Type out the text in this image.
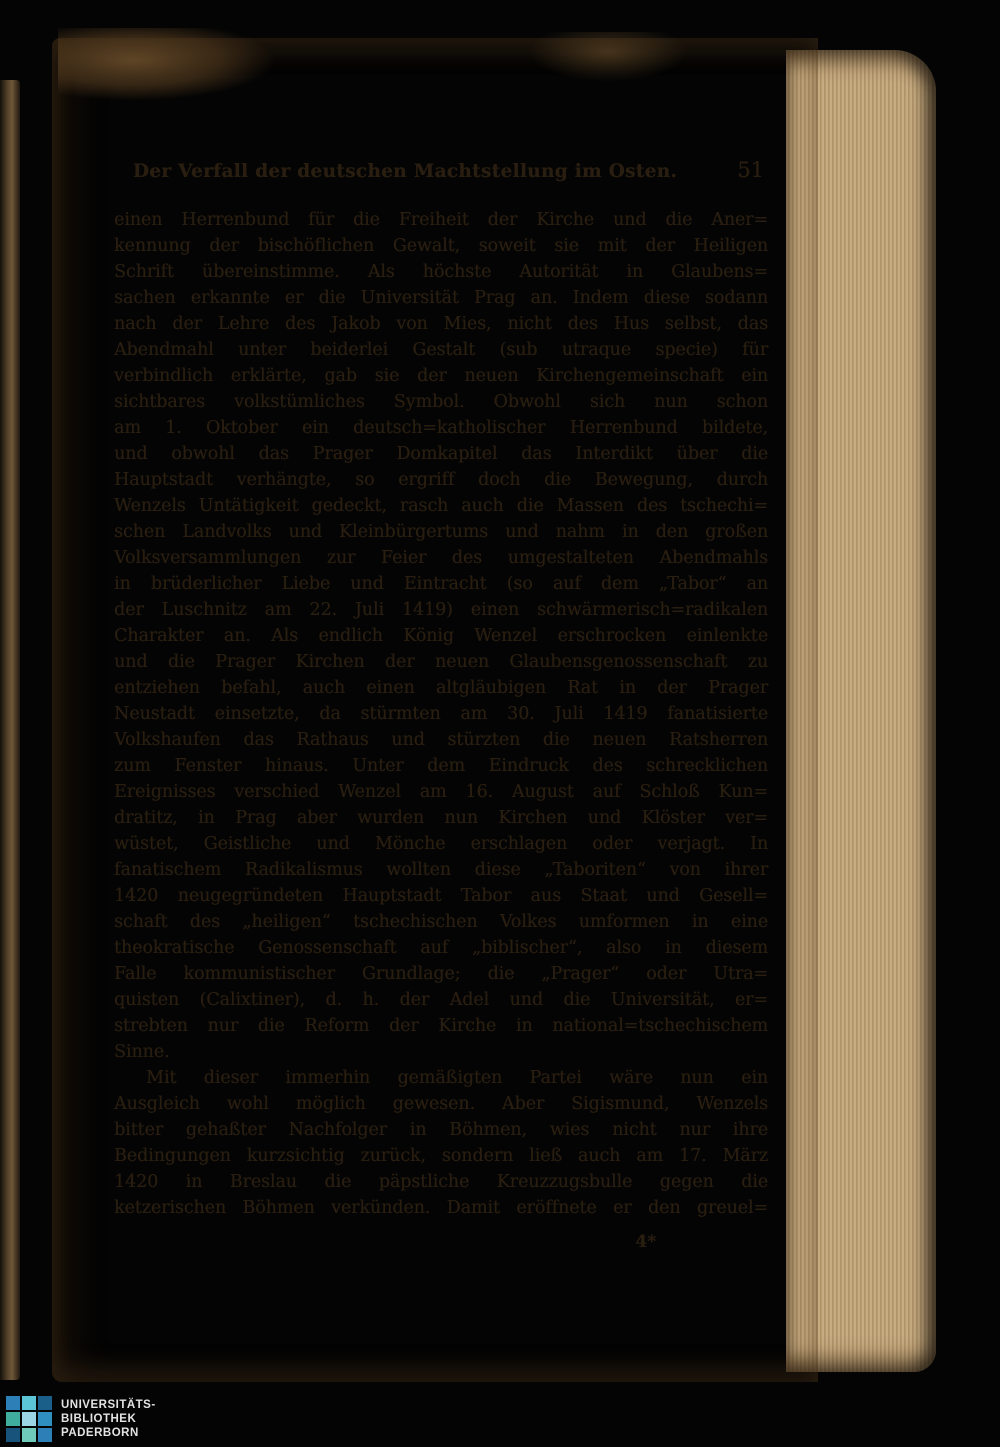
Der Verfall der deutschen Machtstellung im Osten.	51
einen Herrenbund für die Freiheit der Kirche und die Aner=
kennung der bischöflichen Gewalt, soweit sie mit der Heiligen
Schrift übereinstimme. Als höchste Autorität in Glaubens=
sachen erkannte er die Universität Prag an. Indem diese sodann
nach der Lehre des Jakob von Mies, nicht des Hus selbst, das
Abendmahl unter beiderlei Gestalt (sub utraque specie) für
verbindlich erklärte, gab sie der neuen Kirchengemeinschaft ein
sichtbares volkstümliches Symbol. Obwohl sich nun schon
am 1. Oktober ein deutsch=katholischer Herrenbund bildete,
und obwohl das Prager Domkapitel das Interdikt über die
Hauptstadt verhängte, so ergriff doch die Bewegung, durch
Wenzels Untätigkeit gedeckt, rasch auch die Massen des tschechi=
schen Landvolks und Kleinbürgertums und nahm in den großen
Volksversammlungen zur Feier des umgestalteten Abendmahls
in brüderlicher Liebe und Eintracht (so auf dem „Tabor“ an
der Luschnitz am 22. Juli 1419) einen schwärmerisch=radikalen
Charakter an. Als endlich König Wenzel erschrocken einlenkte
und die Prager Kirchen der neuen Glaubensgenossenschaft zu
entziehen befahl, auch einen altgläubigen Rat in der Prager
Neustadt einsetzte, da stürmten am 30. Juli 1419 fanatisierte
Volkshaufen das Rathaus und stürzten die neuen Ratsherren
zum Fenster hinaus. Unter dem Eindruck des schrecklichen
Ereignisses verschied Wenzel am 16. August auf Schloß Kun=
dratitz, in Prag aber wurden nun Kirchen und Klöster ver=
wüstet, Geistliche und Mönche erschlagen oder verjagt. In
fanatischem Radikalismus wollten diese „Taboriten“ von ihrer
1420 neugegründeten Hauptstadt Tabor aus Staat und Gesell=
schaft des „heiligen“ tschechischen Volkes umformen in eine
theokratische Genossenschaft auf „biblischer“, also in diesem
Falle kommunistischer Grundlage; die „Prager“ oder Utra=
quisten (Calixtiner), d. h. der Adel und die Universität, er=
strebten nur die Reform der Kirche in national=tschechischem
Sinne.
Mit dieser immerhin gemäßigten Partei wäre nun ein
Ausgleich wohl möglich gewesen. Aber Sigismund, Wenzels
bitter gehaßter Nachfolger in Böhmen, wies nicht nur ihre
Bedingungen kurzsichtig zurück, sondern ließ auch am 17. März
1420 in Breslau die päpstliche Kreuzzugsbulle gegen die
ketzerischen Böhmen verkünden. Damit eröffnete er den greuel=
4*
UNIVERSITÄTS-
BIBLIOTHEK
PADERBORN
